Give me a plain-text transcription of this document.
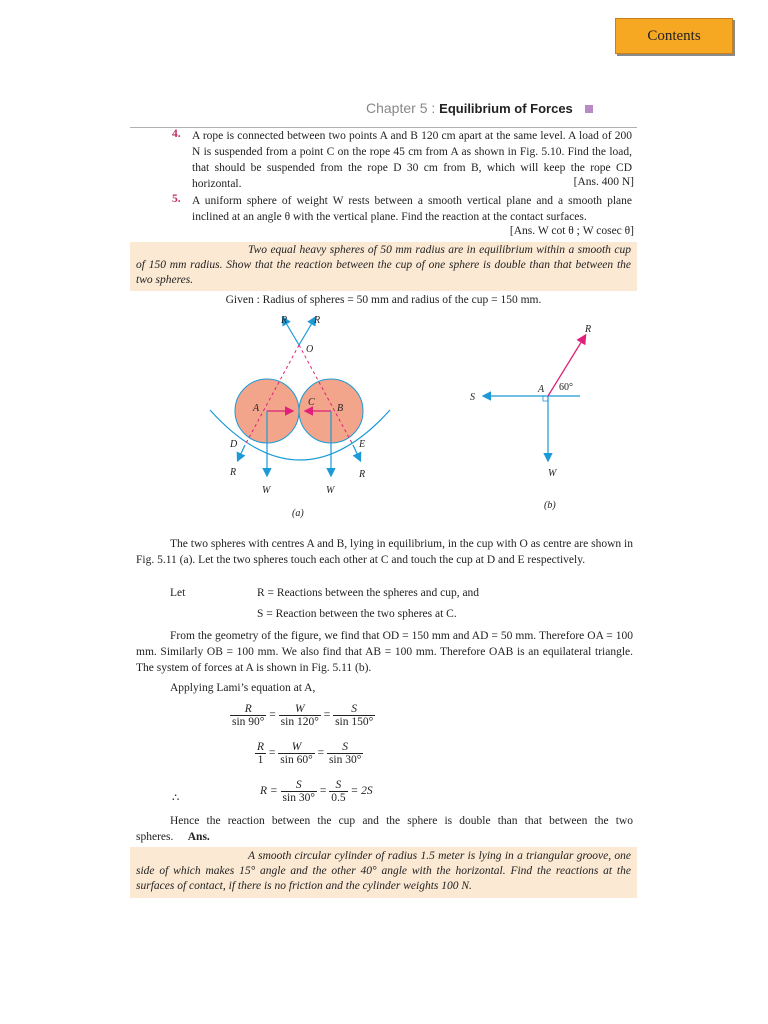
Contents
Chapter 5 : Equilibrium of Forces
4. A rope is connected between two points A and B 120 cm apart at the same level. A load of 200 N is suspended from a point C on the rope 45 cm from A as shown in Fig. 5.10. Find the load, that should be suspended from the rope D 30 cm from B, which will keep the rope CD horizontal.	[Ans. 400 N]
5. A uniform sphere of weight W rests between a smooth vertical plane and a smooth plane inclined at an angle θ with the vertical plane. Find the reaction at the contact surfaces.
[Ans. W cot θ ; W cosec θ]
Two equal heavy spheres of 50 mm radius are in equilibrium within a smooth cup of 150 mm radius. Show that the reaction between the cup of one sphere is double than that between the two spheres.
Given : Radius of spheres = 50 mm and radius of the cup = 150 mm.
R	R
O
A
C
B
D	E
R	R
W	W
(a)
R
S
A 60°
W
(b)
The two spheres with centres A and B, lying in equilibrium, in the cup with O as centre are shown in Fig. 5.11 (a). Let the two spheres touch each other at C and touch the cup at D and E respectively.
Let	R = Reactions between the spheres and cup, and
S = Reaction between the two spheres at C.
From the geometry of the figure, we find that OD = 150 mm and AD = 50 mm. Therefore OA = 100 mm. Similarly OB = 100 mm. We also find that AB = 100 mm. Therefore OAB is an equilateral triangle. The system of forces at A is shown in Fig. 5.11 (b).
Applying Lami’s equation at A,
$\frac{R}{\sin 90^\circ} = \frac{W}{\sin 120^\circ} = \frac{S}{\sin 150^\circ}$
$\frac{R}{1} = \frac{W}{\sin 60^\circ} = \frac{S}{\sin 30^\circ}$
∴
$R = \frac{S}{\sin 30^\circ} = \frac{S}{0.5} = 2S$
Hence the reaction between the cup and the sphere is double than that between the two spheres. Ans.
A smooth circular cylinder of radius 1.5 meter is lying in a triangular groove, one side of which makes 15° angle and the other 40° angle with the horizontal. Find the reactions at the surfaces of contact, if there is no friction and the cylinder weights 100 N.
